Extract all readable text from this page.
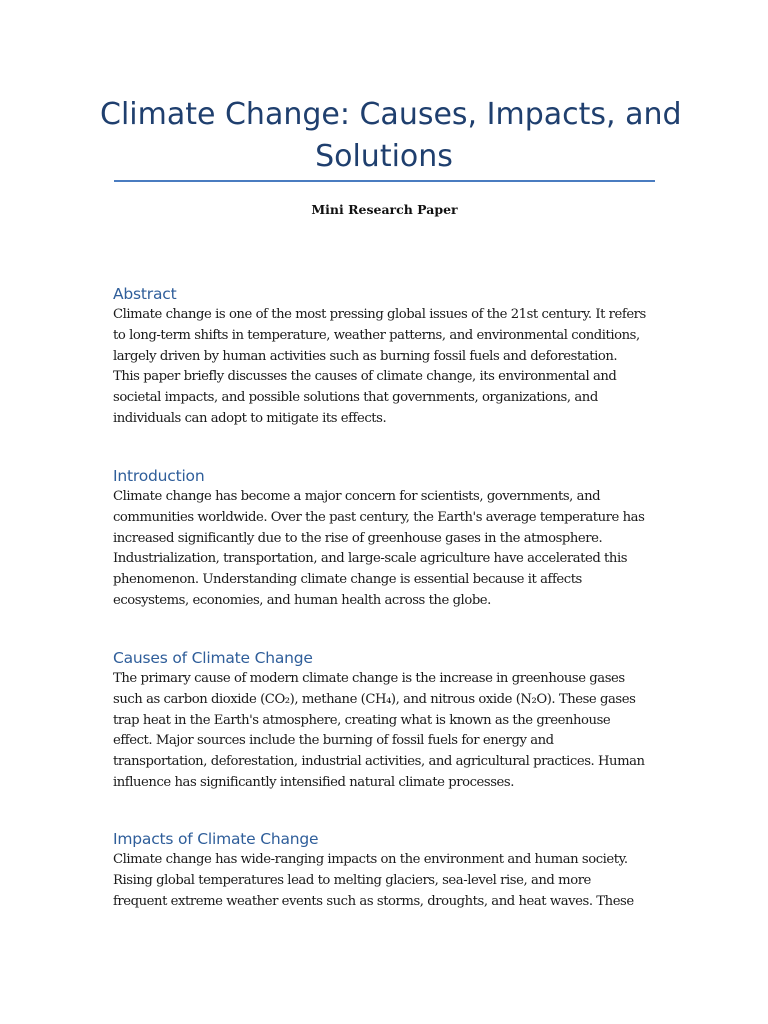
Climate Change: Causes, Impacts, and
Solutions

Mini Research Paper

Abstract

Climate change is one of the most pressing global issues of the 21st century. It refers
to long-term shifts in temperature, weather patterns, and environmental conditions,
largely driven by human activities such as burning fossil fuels and deforestation.
This paper briefly discusses the causes of climate change, its environmental and
societal impacts, and possible solutions that governments, organizations, and
individuals can adopt to mitigate its effects.

Introduction

Climate change has become a major concern for scientists, governments, and
communities worldwide. Over the past century, the Earth's average temperature has
increased significantly due to the rise of greenhouse gases in the atmosphere.
Industrialization, transportation, and large-scale agriculture have accelerated this
phenomenon. Understanding climate change is essential because it affects
ecosystems, economies, and human health across the globe.

Causes of Climate Change

The primary cause of modern climate change is the increase in greenhouse gases
such as carbon dioxide (CO₂), methane (CH₄), and nitrous oxide (N₂O). These gases
trap heat in the Earth's atmosphere, creating what is known as the greenhouse
effect. Major sources include the burning of fossil fuels for energy and
transportation, deforestation, industrial activities, and agricultural practices. Human
influence has significantly intensified natural climate processes.

Impacts of Climate Change

Climate change has wide-ranging impacts on the environment and human society.
Rising global temperatures lead to melting glaciers, sea-level rise, and more
frequent extreme weather events such as storms, droughts, and heat waves. These
